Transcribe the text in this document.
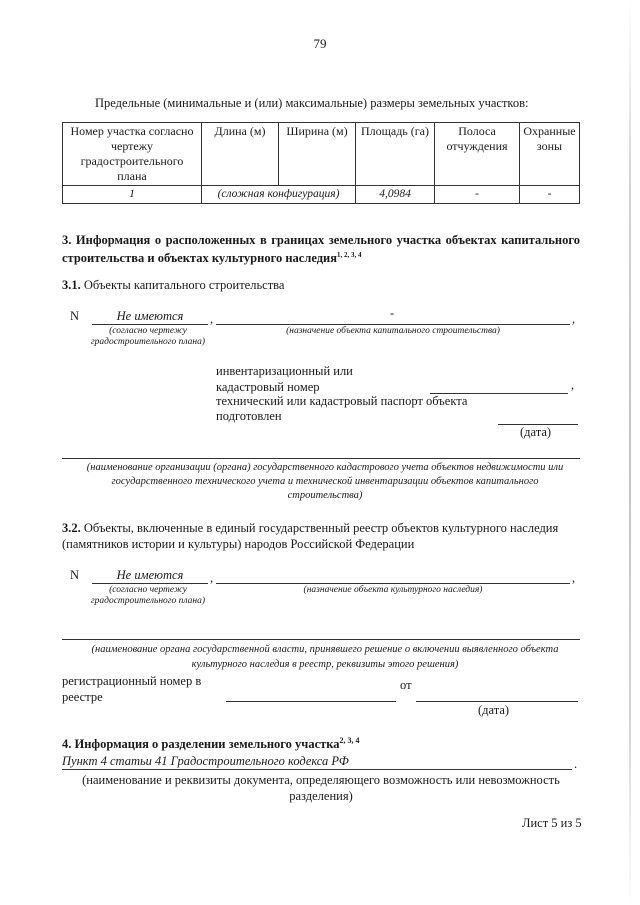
79
Предельные (минимальные и (или) максимальные) размеры земельных участков:
Номер участка согласно чертежу градостроительного плана	Длина (м)	Ширина (м)	Площадь (га)	Полоса отчуждения	Охранные зоны
1	(сложная конфигурация)		4,0984	-	-
3. Информация о расположенных в границах земельного участка объектах капитального строительства и объектах культурного наследия$^{1, 2, 3, 4}$
3.1. Объекты капитального строительства
N	Не имеются	,	-	,
(согласно чертежу градостроительного плана)
(назначение объекта капитального строительства)
инвентаризационный или
кадастровый номер	,
технический или кадастровый паспорт объекта
подготовлен
(дата)
(наименование организации (органа) государственного кадастрового учета объектов недвижимости или государственного технического учета и технической инвентаризации объектов капитального строительства)
3.2. Объекты, включенные в единый государственный реестр объектов культурного наследия (памятников истории и культуры) народов Российской Федерации
N	Не имеются	,	,
(согласно чертежу градостроительного плана)
(назначение объекта культурного наследия)
(наименование органа государственной власти, принявшего решение о включении выявленного объекта культурного наследия в реестр, реквизиты этого решения)
регистрационный номер в
реестре
от
(дата)
4. Информация о разделении земельного участка$^{2, 3, 4}$
Пункт 4 статьи 41 Градостроительного кодекса РФ	.
(наименование и реквизиты документа, определяющего возможность или невозможность разделения)
Лист 5 из 5
